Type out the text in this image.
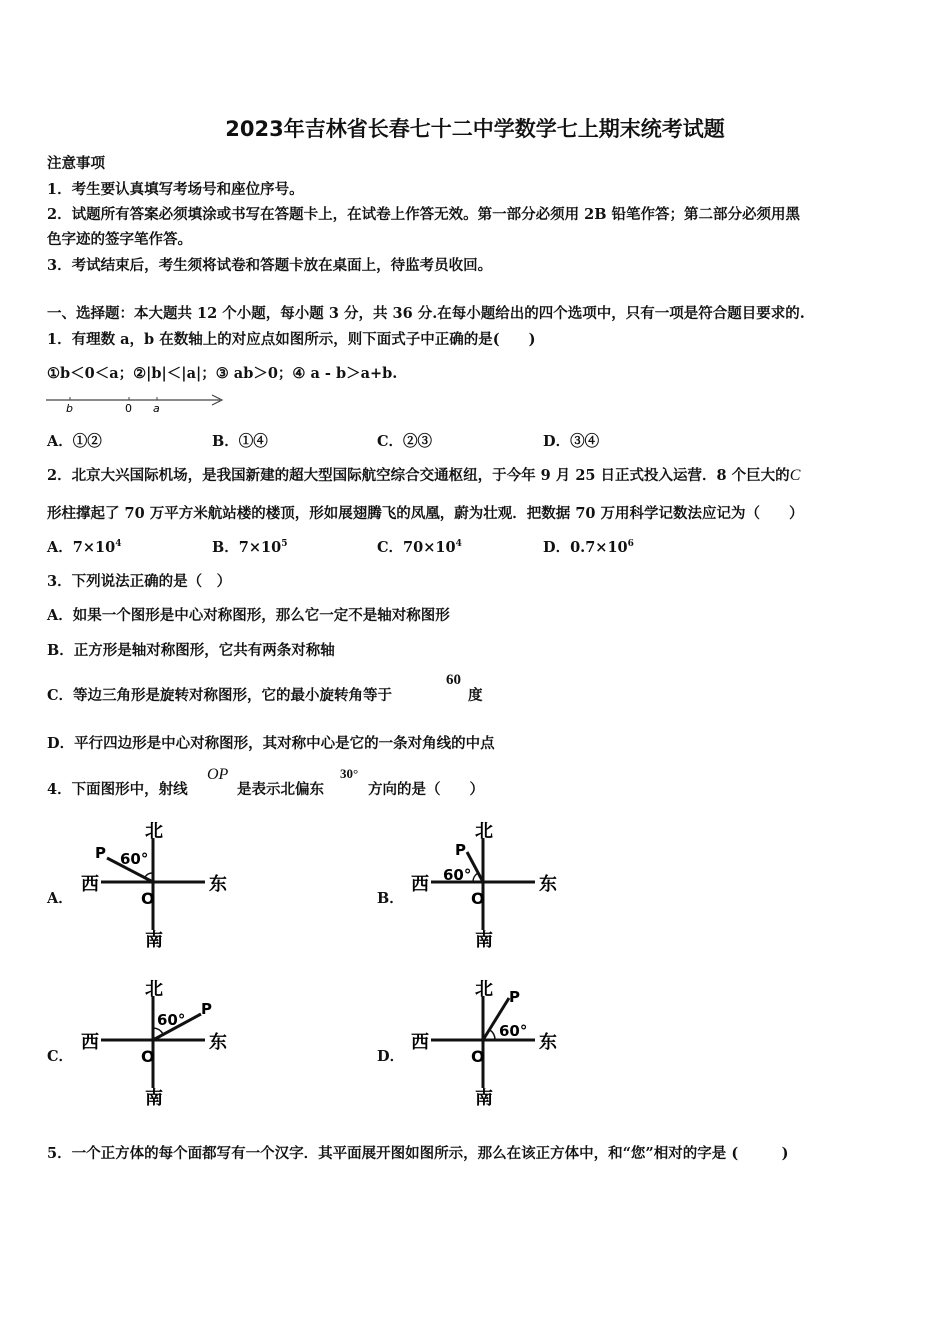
2023年吉林省长春七十二中学数学七上期末统考试题
注意事项
1．考生要认真填写考场号和座位序号。
2．试题所有答案必须填涂或书写在答题卡上，在试卷上作答无效。第一部分必须用 2B 铅笔作答；第二部分必须用黑
色字迹的签字笔作答。
3．考试结束后，考生须将试卷和答题卡放在桌面上，待监考员收回。
一、选择题：本大题共 12 个小题，每小题 3 分，共 36 分.在每小题给出的四个选项中，只有一项是符合题目要求的.
1．有理数 a，b 在数轴上的对应点如图所示，则下面式子中正确的是(　　)
①b＜0＜a；②|b|＜|a|；③ ab＞0；④ a - b＞a+b.
b	0 a
A．①②	B．①④	C．②③	D．③④
2．北京大兴国际机场，是我国新建的超大型国际航空综合交通枢纽，于今年 9 月 25 日正式投入运营．8 个巨大的C
形柱撑起了 70 万平方米航站楼的楼顶，形如展翅腾飞的凤凰，蔚为壮观．把数据 70 万用科学记数法应记为（　　）
A．$7\times 10^4$	B．$7\times 10^5$	C．$70\times 10^4$	D．$0.7\times 10^6$
3．下列说法正确的是（　）
A．如果一个图形是中心对称图形，那么它一定不是轴对称图形
B．正方形是轴对称图形，它共有两条对称轴
C．等边三角形是旋转对称图形，它的最小旋转角等于
60
度
D．平行四边形是中心对称图形，其对称中心是它的一条对角线的中点
4．下面图形中，射线
OP
是表示北偏东
30°
方向的是（　　）
A．
北
南
东
西
O
P 60°
B．
北
南
东
西
O
P
60°
C．
北
南
东
西
O
P
60°
D．
北
南
东
西
O
P
60°
5．一个正方体的每个面都写有一个汉字．其平面展开图如图所示，那么在该正方体中，和“您”相对的字是 (　　　)
